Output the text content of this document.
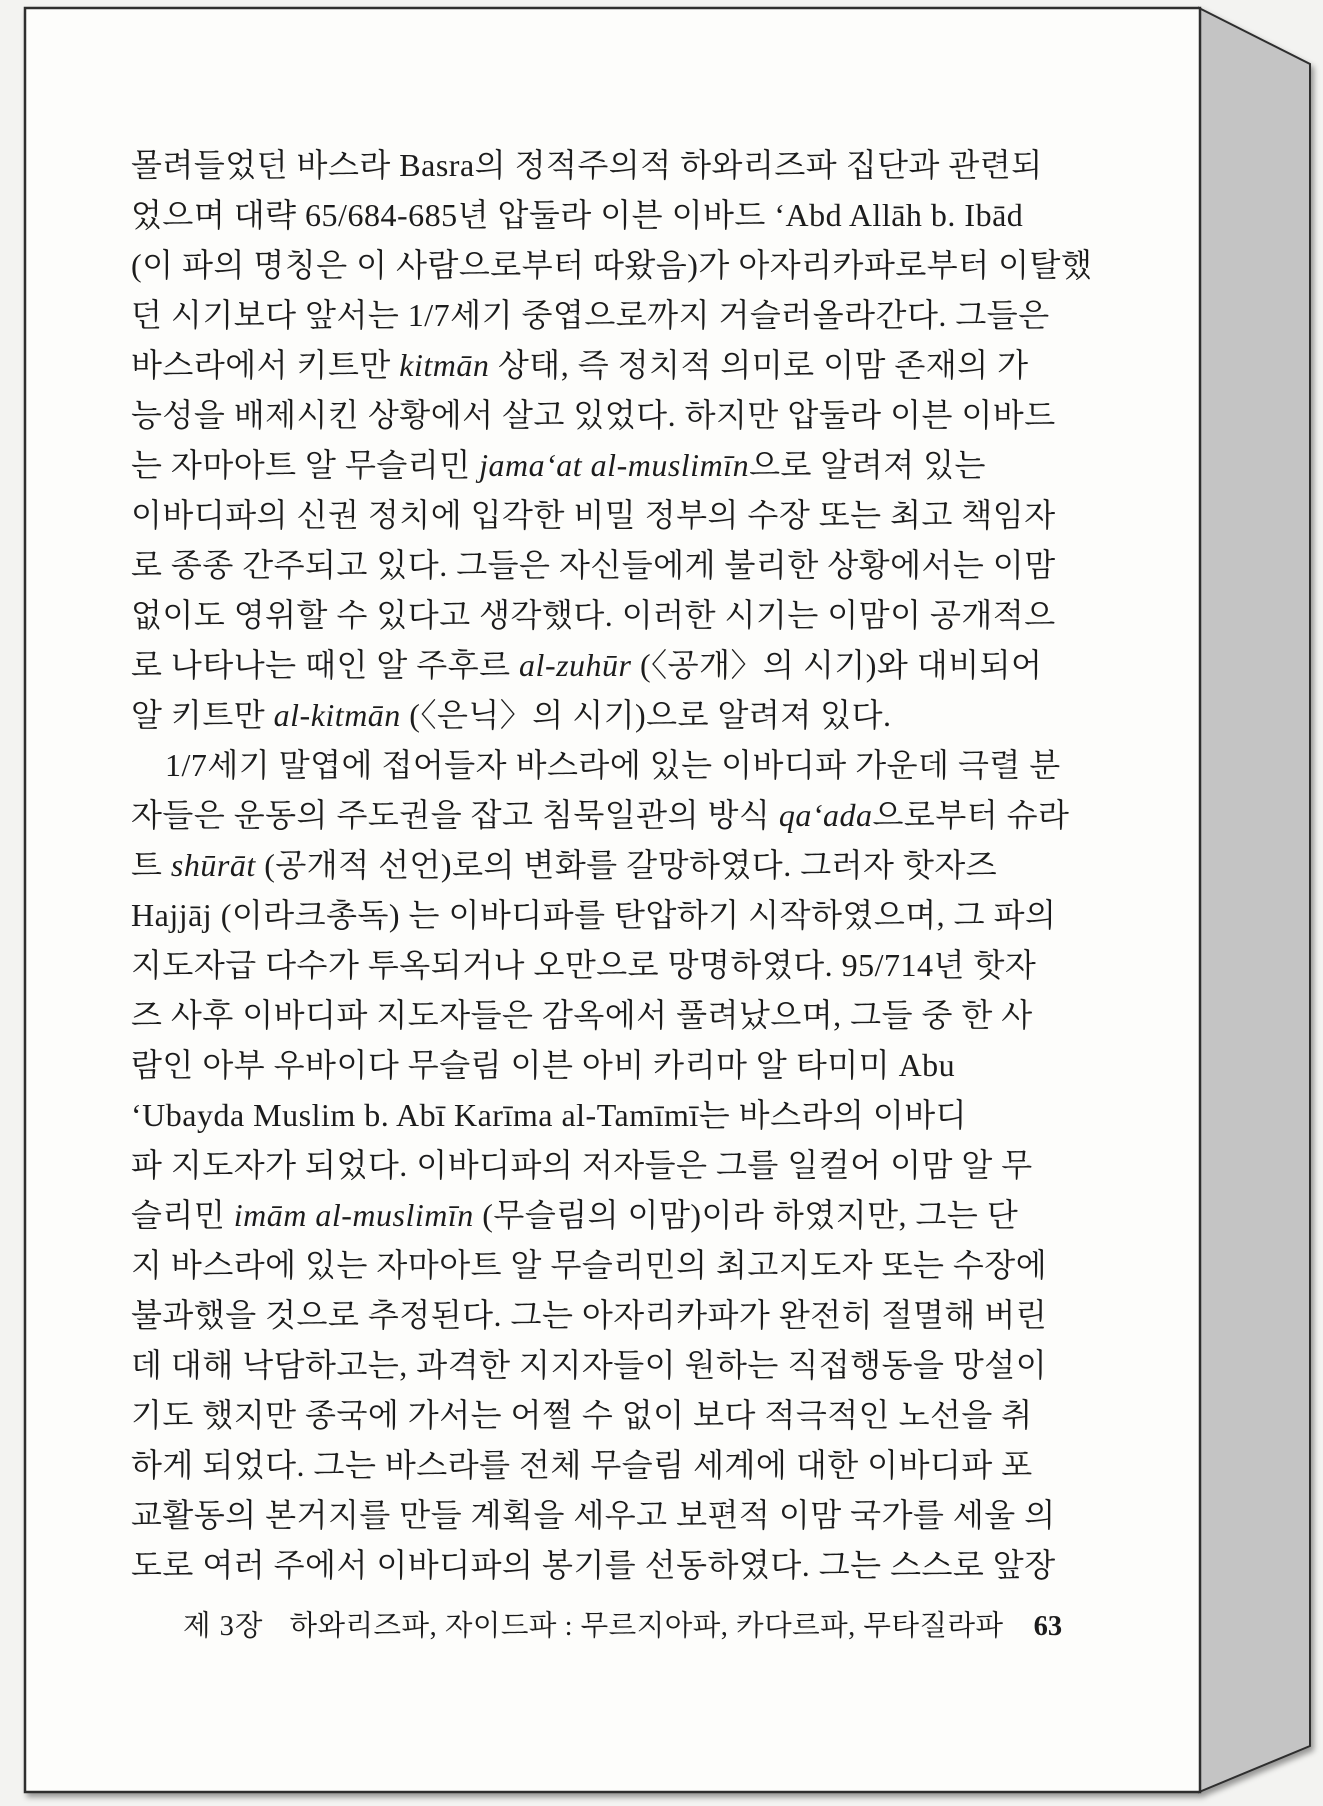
몰려들었던 바스라 Basra의 정적주의적 하와리즈파 집단과 관련되
었으며 대략 65/684-685년 압둘라 이븐 이바드 ‘Abd Allāh b. Ibād
(이 파의 명칭은 이 사람으로부터 따왔음)가 아자리카파로부터 이탈했
던 시기보다 앞서는 1/7세기 중엽으로까지 거슬러올라간다. 그들은
바스라에서 키트만 kitmān 상태, 즉 정치적 의미로 이맘 존재의 가
능성을 배제시킨 상황에서 살고 있었다. 하지만 압둘라 이븐 이바드
는 자마아트 알 무슬리민 jama‘at al-muslimīn으로 알려져 있는
이바디파의 신권 정치에 입각한 비밀 정부의 수장 또는 최고 책임자
로 종종 간주되고 있다. 그들은 자신들에게 불리한 상황에서는 이맘
없이도 영위할 수 있다고 생각했다. 이러한 시기는 이맘이 공개적으
로 나타나는 때인 알 주후르 al-zuhūr (〈공개〉의 시기)와 대비되어
알 키트만 al-kitmān (〈은닉〉의 시기)으로 알려져 있다.
1/7세기 말엽에 접어들자 바스라에 있는 이바디파 가운데 극렬 분
자들은 운동의 주도권을 잡고 침묵일관의 방식 qa‘ada으로부터 슈라
트 shūrāt (공개적 선언)로의 변화를 갈망하였다. 그러자 핫자즈
Hajjāj (이라크총독) 는 이바디파를 탄압하기 시작하였으며, 그 파의
지도자급 다수가 투옥되거나 오만으로 망명하였다. 95/714년 핫자
즈 사후 이바디파 지도자들은 감옥에서 풀려났으며, 그들 중 한 사
람인 아부 우바이다 무슬림 이븐 아비 카리마 알 타미미 Abu
‘Ubayda Muslim b. Abī Karīma al-Tamīmī는 바스라의 이바디
파 지도자가 되었다. 이바디파의 저자들은 그를 일컬어 이맘 알 무
슬리민 imām al-muslimīn (무슬림의 이맘)이라 하였지만, 그는 단
지 바스라에 있는 자마아트 알 무슬리민의 최고지도자 또는 수장에
불과했을 것으로 추정된다. 그는 아자리카파가 완전히 절멸해 버린
데 대해 낙담하고는, 과격한 지지자들이 원하는 직접행동을 망설이
기도 했지만 종국에 가서는 어쩔 수 없이 보다 적극적인 노선을 취
하게 되었다. 그는 바스라를 전체 무슬림 세계에 대한 이바디파 포
교활동의 본거지를 만들 계획을 세우고 보편적 이맘 국가를 세울 의
도로 여러 주에서 이바디파의 봉기를 선동하였다. 그는 스스로 앞장
제 3장 하와리즈파, 자이드파 : 무르지아파, 카다르파, 무타질라파 63
